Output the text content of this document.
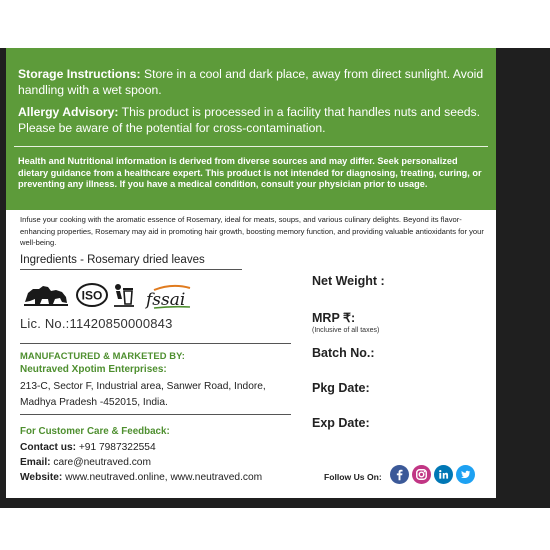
Storage Instructions: Store in a cool and dark place, away from direct sunlight. Avoid handling with a wet spoon.
Allergy Advisory: This product is processed in a facility that handles nuts and seeds. Please be aware of the potential for cross-contamination.
Health and Nutritional information is derived from diverse sources and may differ. Seek personalized dietary guidance from a healthcare expert. This product is not intended for diagnosing, treating, curing, or preventing any illness. If you have a medical condition, consult your physician prior to usage.
Infuse your cooking with the aromatic essence of Rosemary, ideal for meats, soups, and various culinary delights. Beyond its flavor-enhancing properties, Rosemary may aid in promoting hair growth, boosting memory function, and providing valuable antioxidants for your well-being.
Ingredients - Rosemary dried leaves
ISO	fssai
Lic. No.:11420850000843
MANUFACTURED & MARKETED BY:
Neutraved Xpotim Enterprises:
213-C, Sector F, Industrial area, Sanwer Road, Indore, Madhya Pradesh -452015, India.
For Customer Care & Feedback:
Contact us: +91 7987322554
Email: care@neutraved.com
Website: www.neutraved.online, www.neutraved.com
Net Weight :
MRP ₹:
(Inclusive of all taxes)
Batch No.:
Pkg Date:
Exp Date:
Follow Us On:
